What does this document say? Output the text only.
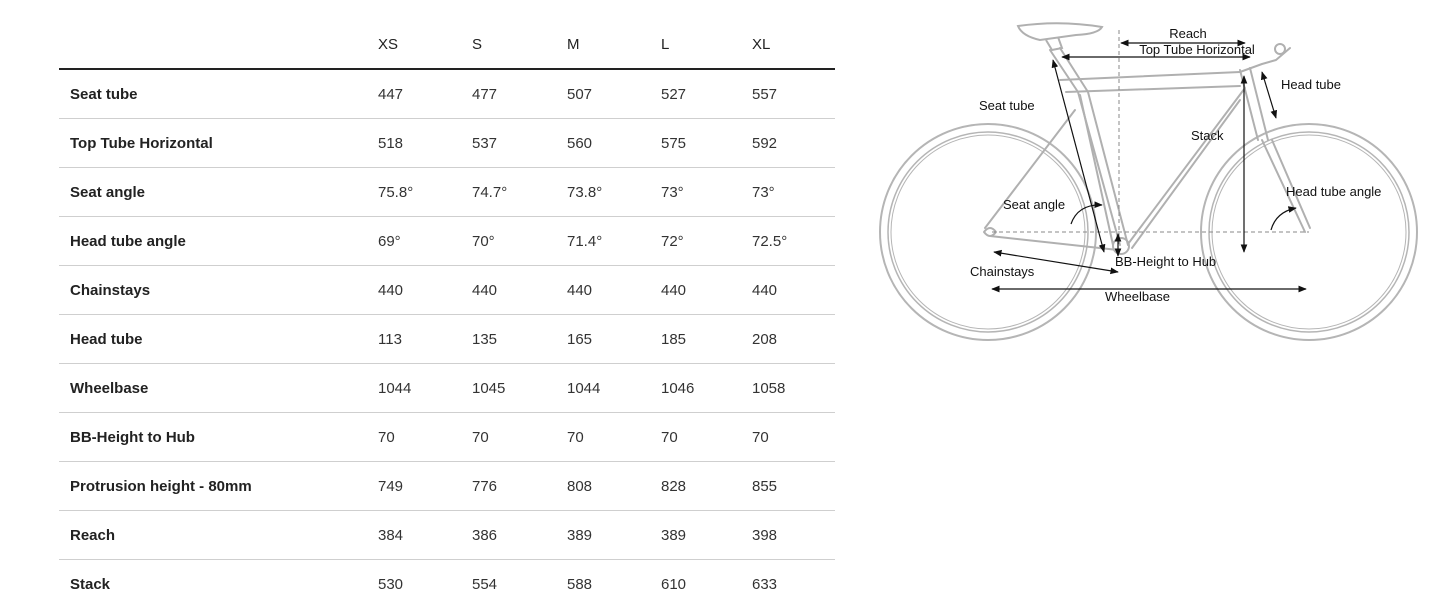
	XS	S	M	L	XL
Seat tube	447	477	507	527	557
Top Tube Horizontal	518	537	560	575	592
Seat angle	75.8°	74.7°	73.8°	73°	73°
Head tube angle	69°	70°	71.4°	72°	72.5°
Chainstays	440	440	440	440	440
Head tube	113	135	165	185	208
Wheelbase	1044	1045	1044	1046	1058
BB-Height to Hub	70	70	70	70	70
Protrusion height - 80mm	749	776	808	828	855
Reach	384	386	389	389	398
Stack	530	554	588	610	633
Reach
Top Tube Horizontal
Head tube
Seat tube
Stack
Seat angle
Head tube angle
BB-Height to Hub
Chainstays
Wheelbase
